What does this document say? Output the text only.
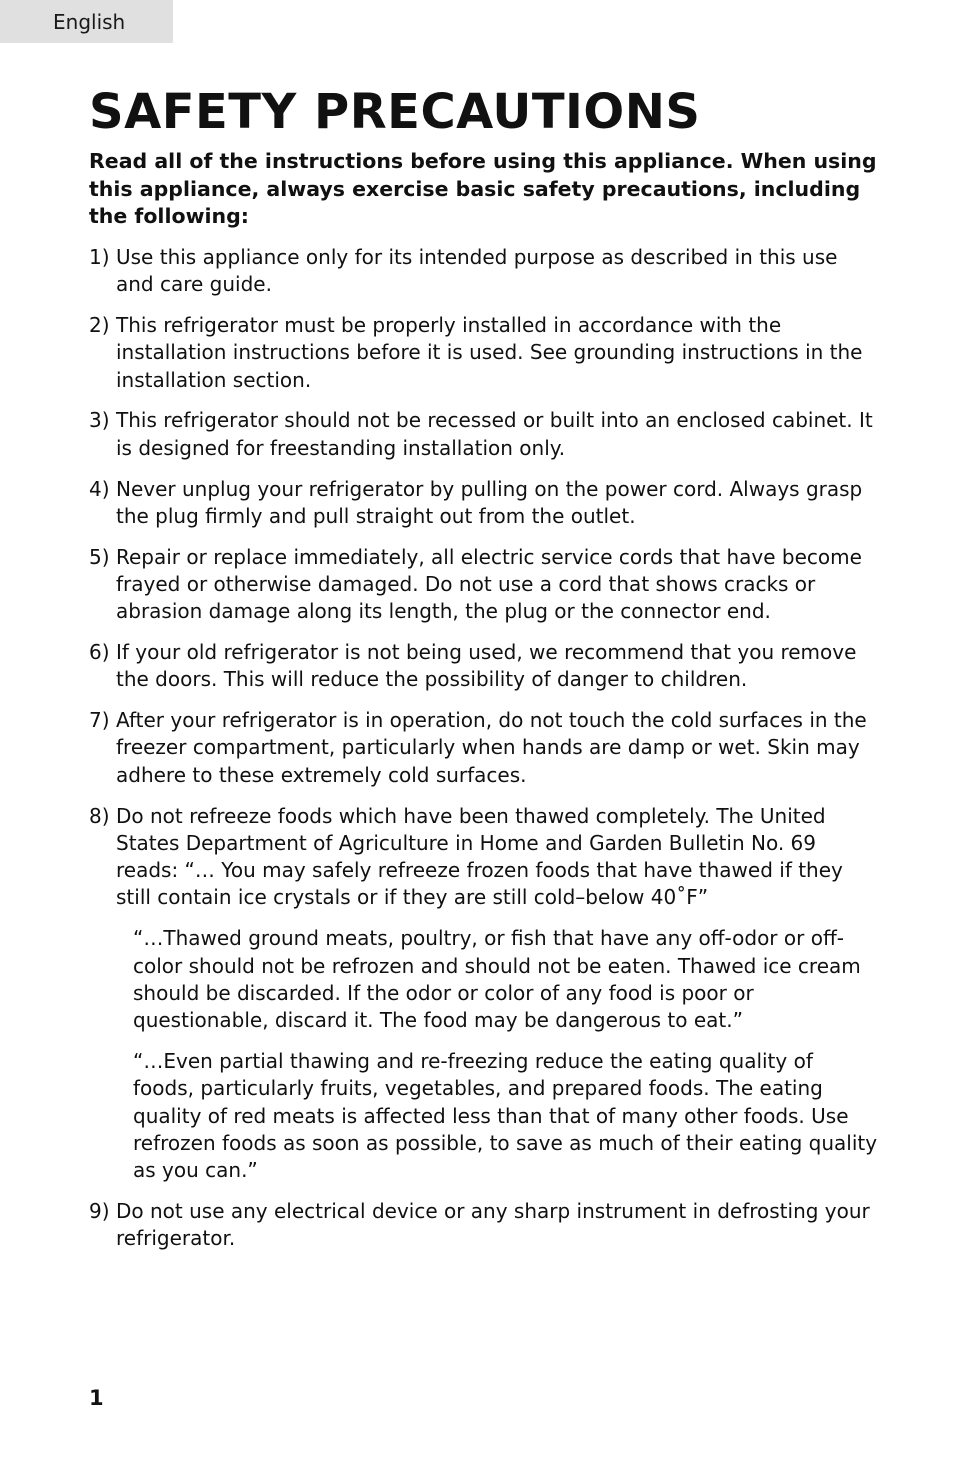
English
SAFETY PRECAUTIONS

Read all of the instructions before using this appliance. When using this appliance, always exercise basic safety precautions, including the following:

1) Use this appliance only for its intended purpose as described in this use and care guide.

2) This refrigerator must be properly installed in accordance with the installation instructions before it is used. See grounding instructions in the installation section.

3) This refrigerator should not be recessed or built into an enclosed cabinet. It is designed for freestanding installation only.

4) Never unplug your refrigerator by pulling on the power cord. Always grasp the plug firmly and pull straight out from the outlet.

5) Repair or replace immediately, all electric service cords that have become frayed or otherwise damaged. Do not use a cord that shows cracks or abrasion damage along its length, the plug or the connector end.

6) If your old refrigerator is not being used, we recommend that you remove the doors. This will reduce the possibility of danger to children.

7) After your refrigerator is in operation, do not touch the cold surfaces in the freezer compartment, particularly when hands are damp or wet. Skin may adhere to these extremely cold surfaces.

8) Do not refreeze foods which have been thawed completely. The United States Department of Agriculture in Home and Garden Bulletin No. 69 reads: “… You may safely refreeze frozen foods that have thawed if they still contain ice crystals or if they are still cold–below 40˚F”

“…Thawed ground meats, poultry, or fish that have any off-odor or off-color should not be refrozen and should not be eaten. Thawed ice cream should be discarded. If the odor or color of any food is poor or questionable, discard it. The food may be dangerous to eat.”

“…Even partial thawing and re-freezing reduce the eating quality of foods, particularly fruits, vegetables, and prepared foods. The eating quality of red meats is affected less than that of many other foods. Use refrozen foods as soon as possible, to save as much of their eating quality as you can.”

9) Do not use any electrical device or any sharp instrument in defrosting your refrigerator.

1
